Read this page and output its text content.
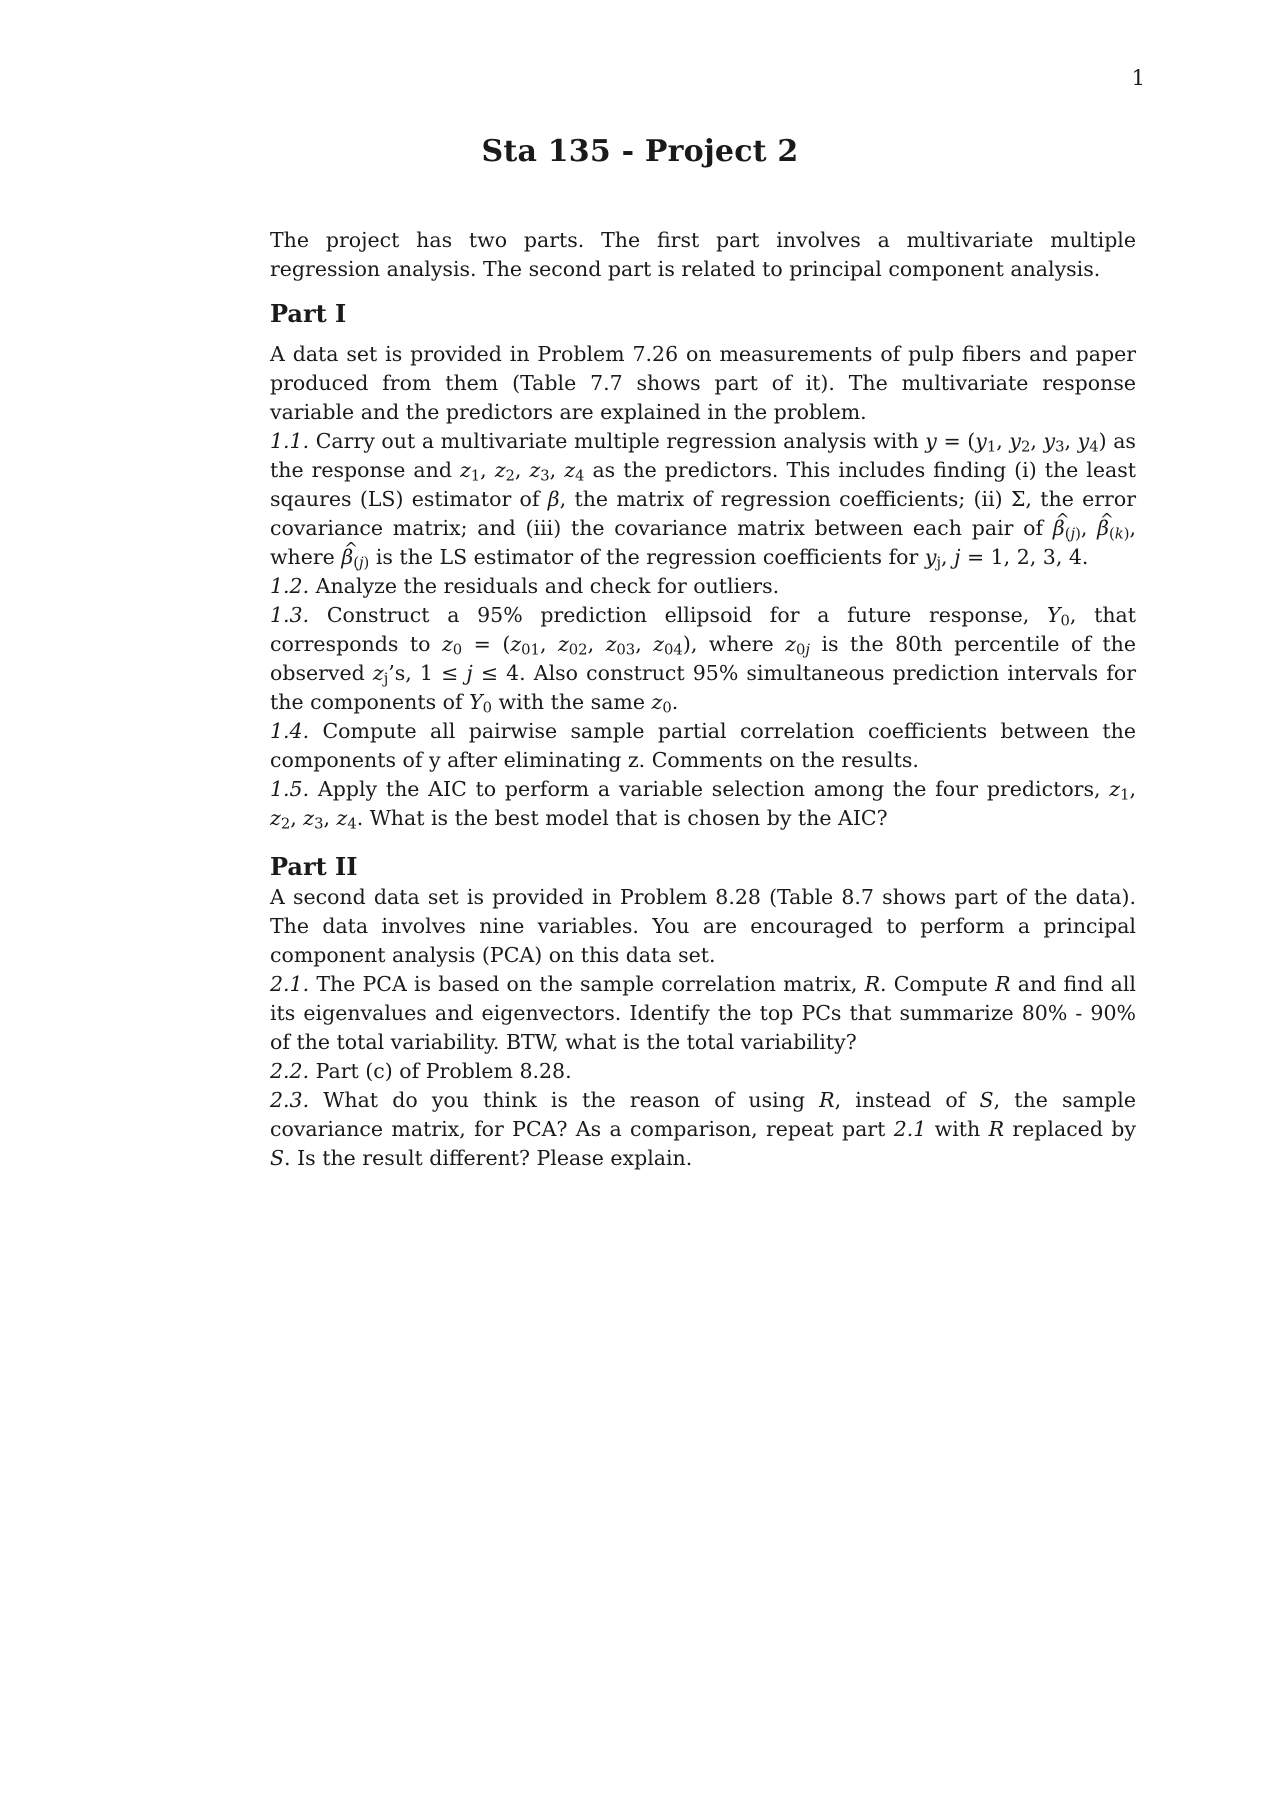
1
Sta 135 - Project 2

The project has two parts. The first part involves a multivariate multiple regression analysis. The second part is related to principal component analysis.

Part I

A data set is provided in Problem 7.26 on measurements of pulp fibers and paper produced from them (Table 7.7 shows part of it). The multivariate response variable and the predictors are explained in the problem.

1.1. Carry out a multivariate multiple regression analysis with $y = (y_1$, $y_2$, $y_3$, $y_4$) as the response and $z_1$, $z_2$, $z_3$, $z_4$ as the predictors. This includes finding (i) the least sqaures (LS) estimator of β, the matrix of regression coefficients; (ii) Σ, the error covariance matrix; and (iii) the covariance matrix between each pair of ^ $\beta_{(j)}$, ^ $\beta_{(k)}$, where ^ $\beta_{(j)}$ is the LS estimator of the regression coefficients for $y_j$, j = 1, 2, 3, 4.

1.2. Analyze the residuals and check for outliers.

1.3. Construct a 95% prediction ellipsoid for a future response, $Y_0$, that corresponds to $z_0 = (z_{01}$, $z_{02}$, $z_{03}$, $z_{04}$), where $z_{0j}$ is the 80th percentile of the observed $z_j’s$, 1 ≤ j ≤ 4. Also construct 95% simultaneous prediction intervals for the components of $Y_0$ with the same $z_0$.

1.4. Compute all pairwise sample partial correlation coefficients between the components of y after eliminating z. Comments on the results.

1.5. Apply the AIC to perform a variable selection among the four predictors, $z_1$, $z_2$, $z_3$, $z_4$. What is the best model that is chosen by the AIC?

Part II

A second data set is provided in Problem 8.28 (Table 8.7 shows part of the data). The data involves nine variables. You are encouraged to perform a principal component analysis (PCA) on this data set.

2.1. The PCA is based on the sample correlation matrix, R. Compute R and find all its eigenvalues and eigenvectors. Identify the top PCs that summarize 80% - 90% of the total variability. BTW, what is the total variability?

2.2. Part (c) of Problem 8.28.

2.3. What do you think is the reason of using R, instead of S, the sample covariance matrix, for PCA? As a comparison, repeat part 2.1 with R replaced by S. Is the result different? Please explain.
